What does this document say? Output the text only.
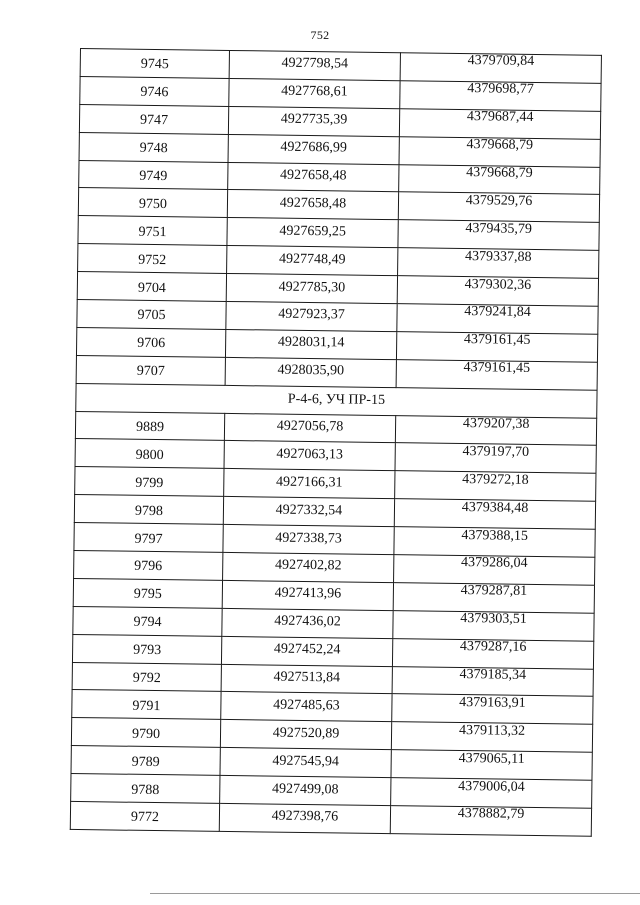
752
9745	4927798,54	4379709,84
9746	4927768,61	4379698,77
9747	4927735,39	4379687,44
9748	4927686,99	4379668,79
9749	4927658,48	4379668,79
9750	4927658,48	4379529,76
9751	4927659,25	4379435,79
9752	4927748,49	4379337,88
9704	4927785,30	4379302,36
9705	4927923,37	4379241,84
9706	4928031,14	4379161,45
9707	4928035,90	4379161,45
Р-4-6, УЧ ПР-15		
9889	4927056,78	4379207,38
9800	4927063,13	4379197,70
9799	4927166,31	4379272,18
9798	4927332,54	4379384,48
9797	4927338,73	4379388,15
9796	4927402,82	4379286,04
9795	4927413,96	4379287,81
9794	4927436,02	4379303,51
9793	4927452,24	4379287,16
9792	4927513,84	4379185,34
9791	4927485,63	4379163,91
9790	4927520,89	4379113,32
9789	4927545,94	4379065,11
9788	4927499,08	4379006,04
9772	4927398,76	4378882,79
